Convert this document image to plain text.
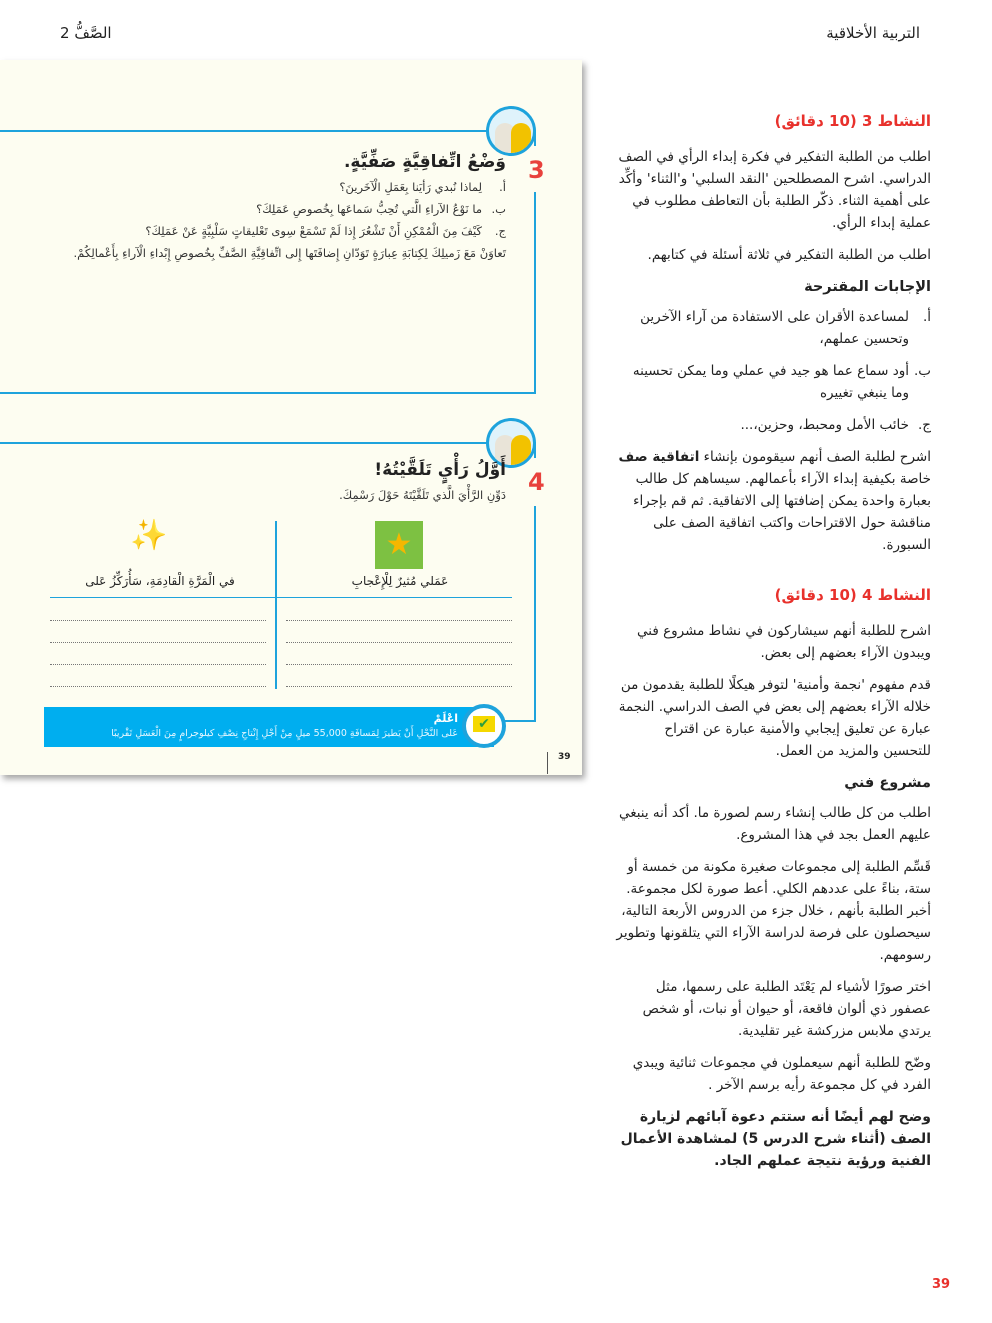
الصَّفُّ 2	التربية الأخلاقية
3
وَضْعُ اتِّفاقِيَّةٍ صَفِّيَّةٍ.
أ.لِماذا نُبدي رَأيَنا بِعَمَلِ الْآخَرينَ؟
ب.ما نَوْعُ الآراءِ الَّتي تُحِبُّ سَماعَها بِخُصوصِ عَمَلِكَ؟
ج.كَيْفَ مِنَ الْمُمْكِنِ أَنْ تَشْعُرَ إِذا لَمْ تَسْمَعْ سِوى تَعْليقاتٍ سَلْبِيَّةٍ عَنْ عَمَلِكَ؟
تَعاوَنْ مَعَ زَميلِكَ لِكِتابَةِ عِبارَةٍ تَوَدّانِ إِضافَتَها إِلى اتِّفاقِيَّةِ الصَّفِّ بِخُصوصِ إِبْداءِ الْآراءِ بِأَعْمالِكُمْ.
4
أَوَّلُ رَأْيٍ تَلَقَّيْتُهُ!
دَوِّنِ الرَّأْيَ الَّذي تَلَقَّيْتَهُ حَوْلَ رَسْمِكَ.
★
✨
عَمَلي مُثيرٌ لِلْإِعْجابِ
في الْمَرَّةِ الْقادِمَةِ، سَأُرَكِّزُ عَلى
اعْلَمْ
عَلى النَّحْلِ أَنْ يَطيرَ لِمَسافَةِ 55,000 ميلٍ مِنْ أَجْلِ إِنْتاجِ نِصْفِ كيلوجرامٍ مِنَ الْعَسَلِ تَقْريبًا
✔
39
النشاط 3 (10 دقائق)

اطلب من الطلبة التفكير في فكرة إبداء الرأي في الصف الدراسي. اشرح المصطلحين 'النقد السلبي' و'الثناء' وأكِّد على أهمية الثناء. ذكّر الطلبة بأن التعاطف مطلوب في عملية إبداء الرأي.

اطلب من الطلبة التفكير في ثلاثة أسئلة في كتابهم.

الإجابات المقترحة
أ.
لمساعدة الأقران على الاستفادة من آراء الآخرين وتحسين عملهم،
ب.
أود سماع عما هو جيد في عملي وما يمكن تحسينه وما ينبغي تغييره
ج.
خائب الأمل ومحبط، وحزين،...

اشرح لطلبة الصف أنهم سيقومون بإنشاء اتفاقية صف خاصة بكيفية إبداء الآراء بأعمالهم. سيساهم كل طالب بعبارة واحدة يمكن إضافتها إلى الاتفاقية. ثم قم بإجراء مناقشة حول الاقتراحات واكتب اتفاقية الصف على السبورة.

النشاط 4 (10 دقائق)

اشرح للطلبة أنهم سيشاركون في نشاط مشروع فني ويبدون الآراء بعضهم إلى بعض.

قدم مفهوم 'نجمة وأمنية' لتوفر هيكلًا للطلبة يقدمون من خلاله الآراء بعضهم إلى بعض في الصف الدراسي. النجمة عبارة عن تعليق إيجابي والأمنية عبارة عن اقتراح للتحسين والمزيد من العمل.

مشروع فني

اطلب من كل طالب إنشاء رسم لصورة ما. أكد أنه ينبغي عليهم العمل بجد في هذا المشروع.

قَسِّم الطلبة إلى مجموعات صغيرة مكونة من خمسة أو ستة، بناءً على عددهم الكلي. أعط صورة لكل مجموعة. أخبر الطلبة بأنهم ، خلال جزء من الدروس الأربعة التالية، سيحصلون على فرصة لدراسة الآراء التي يتلقونها وتطوير رسومهم.

اختر صورًا لأشياء لم يَعْتَد الطلبة على رسمها، مثل عصفور ذي ألوان فاقعة، أو حيوان أو نبات، أو شخص يرتدي ملابس مزركشة غير تقليدية.

وضّح للطلبة أنهم سيعملون في مجموعات ثنائية ويبدي الفرد في كل مجموعة رأيه برسم الآخر .

وضح لهم أيضًا أنه ستتم دعوة آبائهم لزيارة الصف (أثناء شرح الدرس 5) لمشاهدة الأعمال الفنية ورؤية نتيجة عملهم الجاد.

39
